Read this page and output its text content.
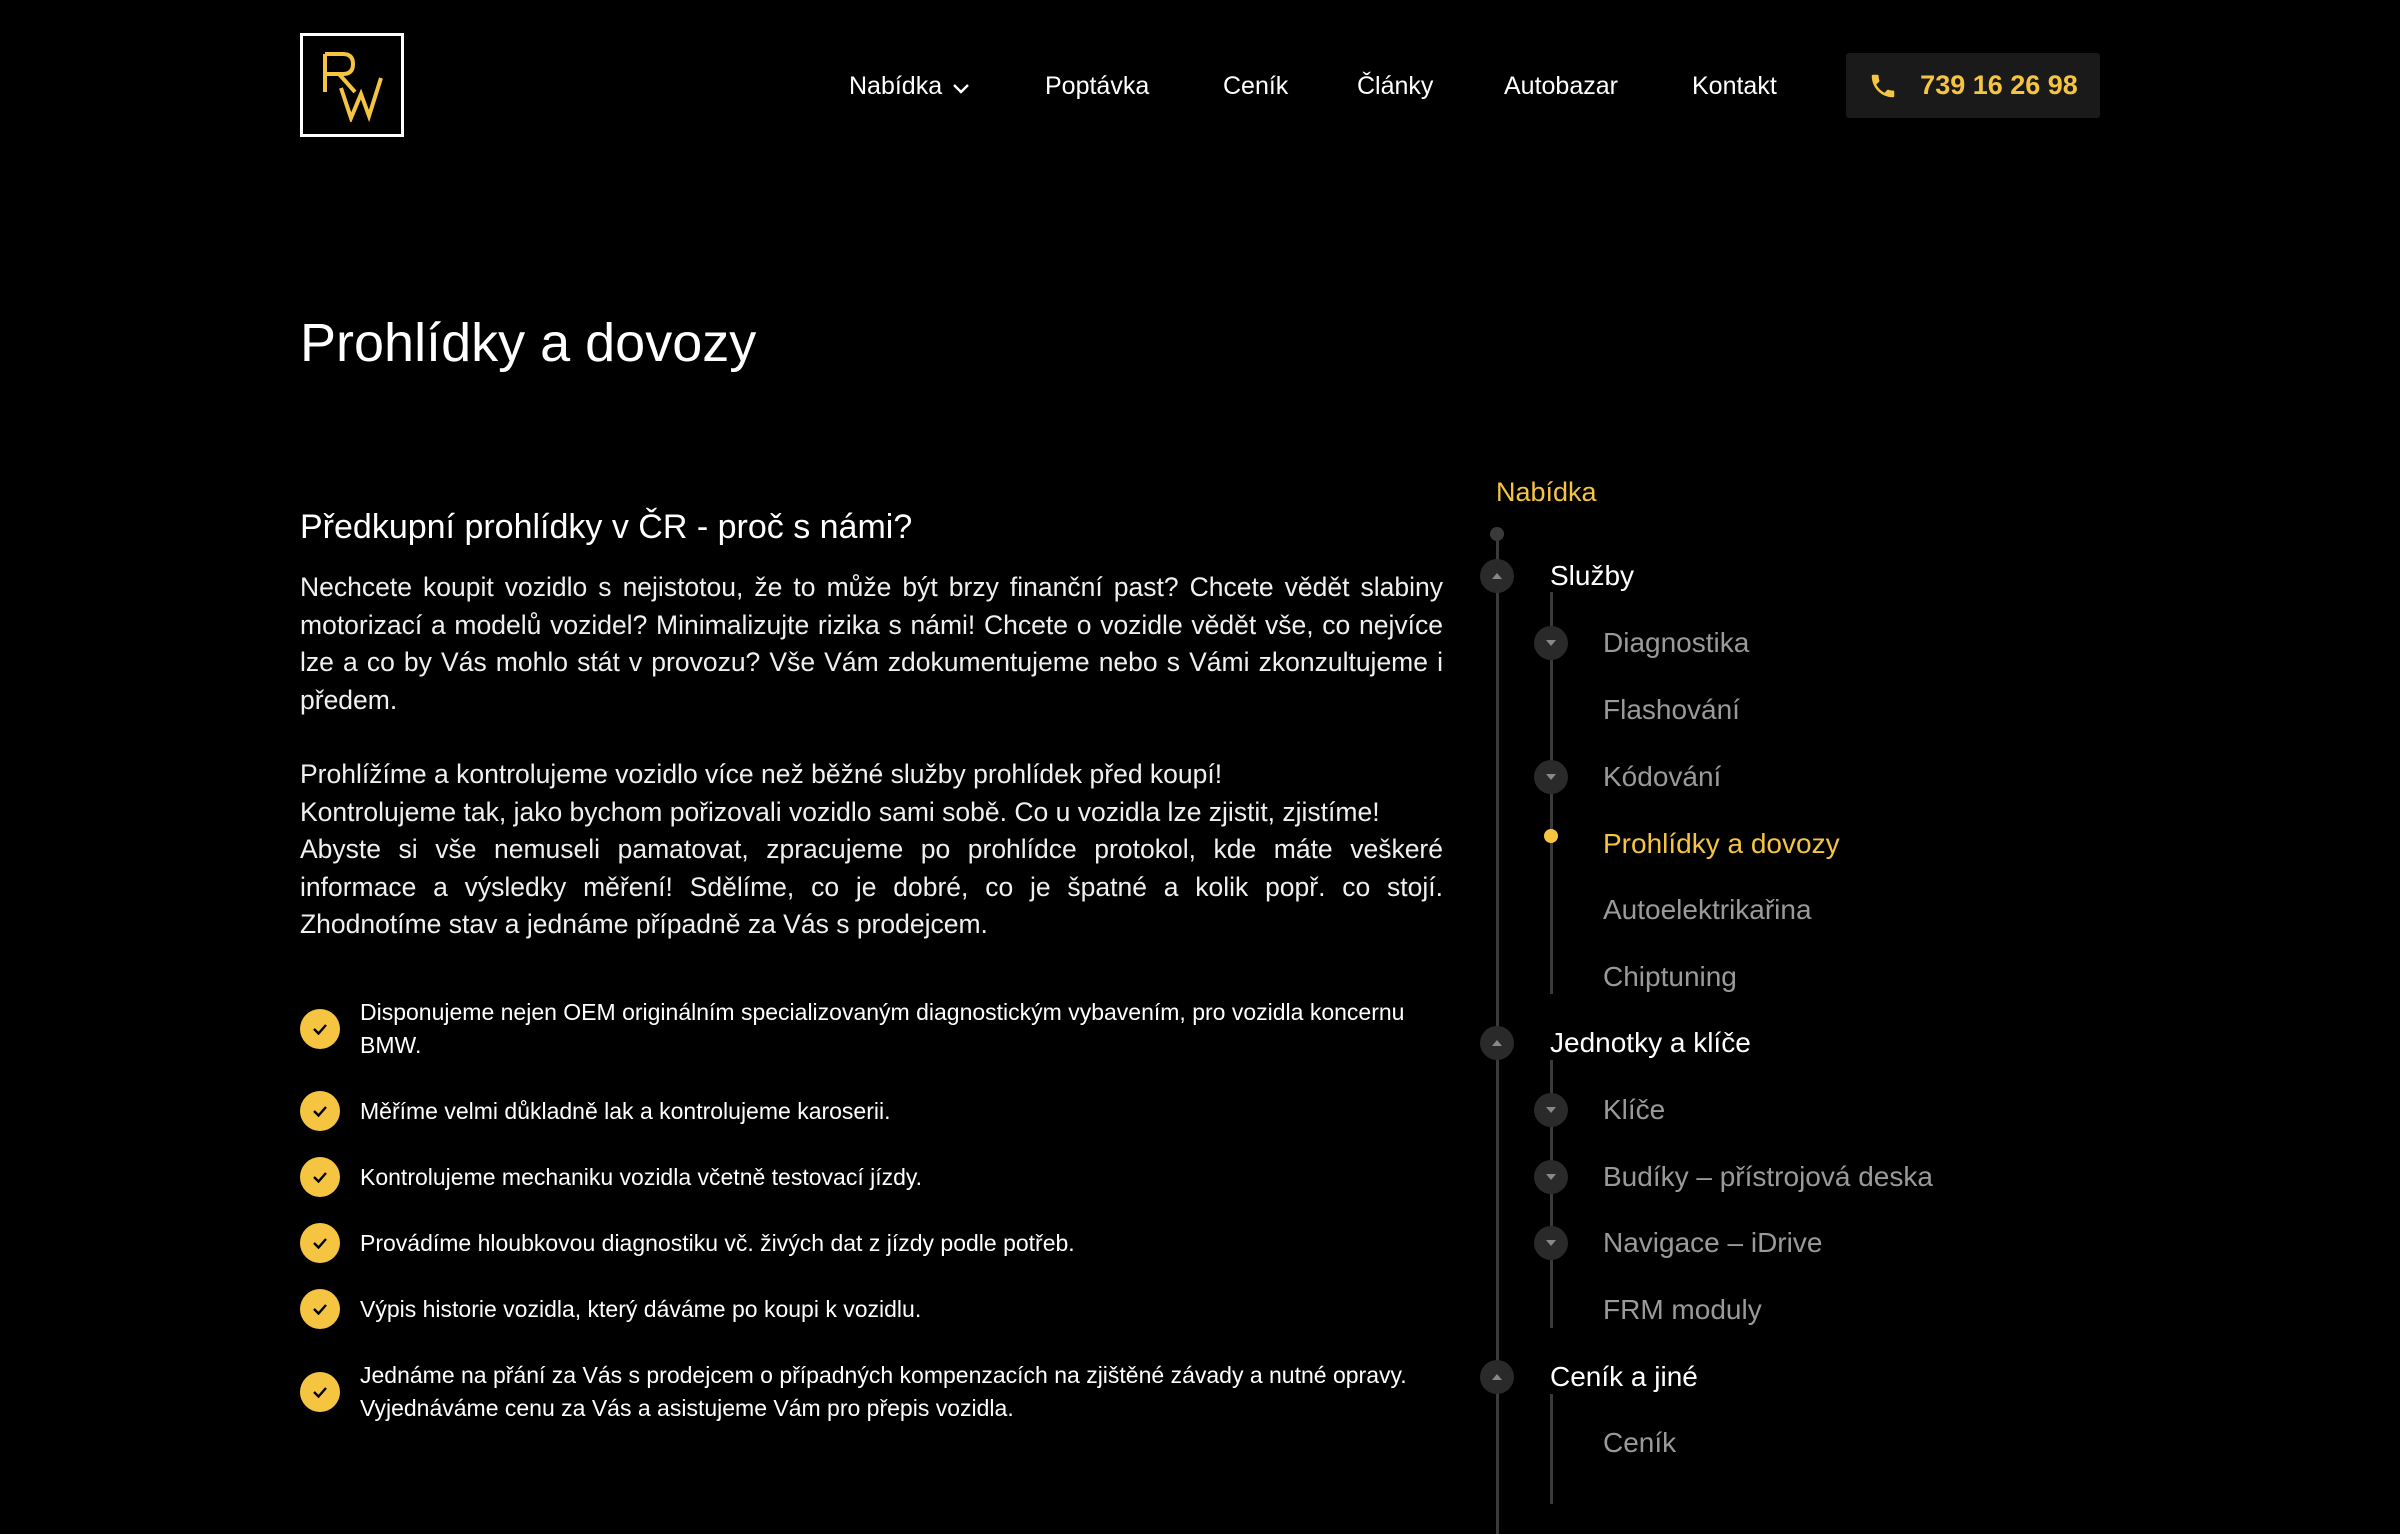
Nabídka	Poptávka	Ceník	Články	Autobazar	Kontakt	739 16 26 98
Prohlídky a dovozy
Předkupní prohlídky v ČR - proč s námi?

Nechcete koupit vozidlo s nejistotou, že to může být brzy finanční past? Chcete vědět slabiny motorizací a modelů vozidel? Minimalizujte rizika s námi! Chcete o vozidle vědět vše, co nejvíce lze a co by Vás mohlo stát v provozu? Vše Vám zdokumentujeme nebo s Vámi zkonzultujeme i předem.

Prohlížíme a kontrolujeme vozidlo více než běžné služby prohlídek před koupí!

Kontrolujeme tak, jako bychom pořizovali vozidlo sami sobě. Co u vozidla lze zjistit, zjistíme!

Abyste si vše nemuseli pamatovat, zpracujeme po prohlídce protokol, kde máte veškeré informace a výsledky měření! Sdělíme, co je dobré, co je špatné a kolik popř. co stojí. Zhodnotíme stav a jednáme případně za Vás s prodejcem.

Disponujeme nejen OEM originálním specializovaným diagnostickým vybavením, pro vozidla koncernu BMW.
Měříme velmi důkladně lak a kontrolujeme karoserii.
Kontrolujeme mechaniku vozidla včetně testovací jízdy.
Provádíme hloubkovou diagnostiku vč. živých dat z jízdy podle potřeb.
Výpis historie vozidla, který dáváme po koupi k vozidlu.
Jednáme na přání za Vás s prodejcem o případných kompenzacích na zjištěné závady a nutné opravy. Vyjednáváme cenu za Vás a asistujeme Vám pro přepis vozidla.
Nabídka
Služby
Diagnostika
Flashování
Kódování
Prohlídky a dovozy
Autoelektrikařina
Chiptuning
Jednotky a klíče
Klíče
Budíky – přístrojová deska
Navigace – iDrive
FRM moduly
Ceník a jiné
Ceník
